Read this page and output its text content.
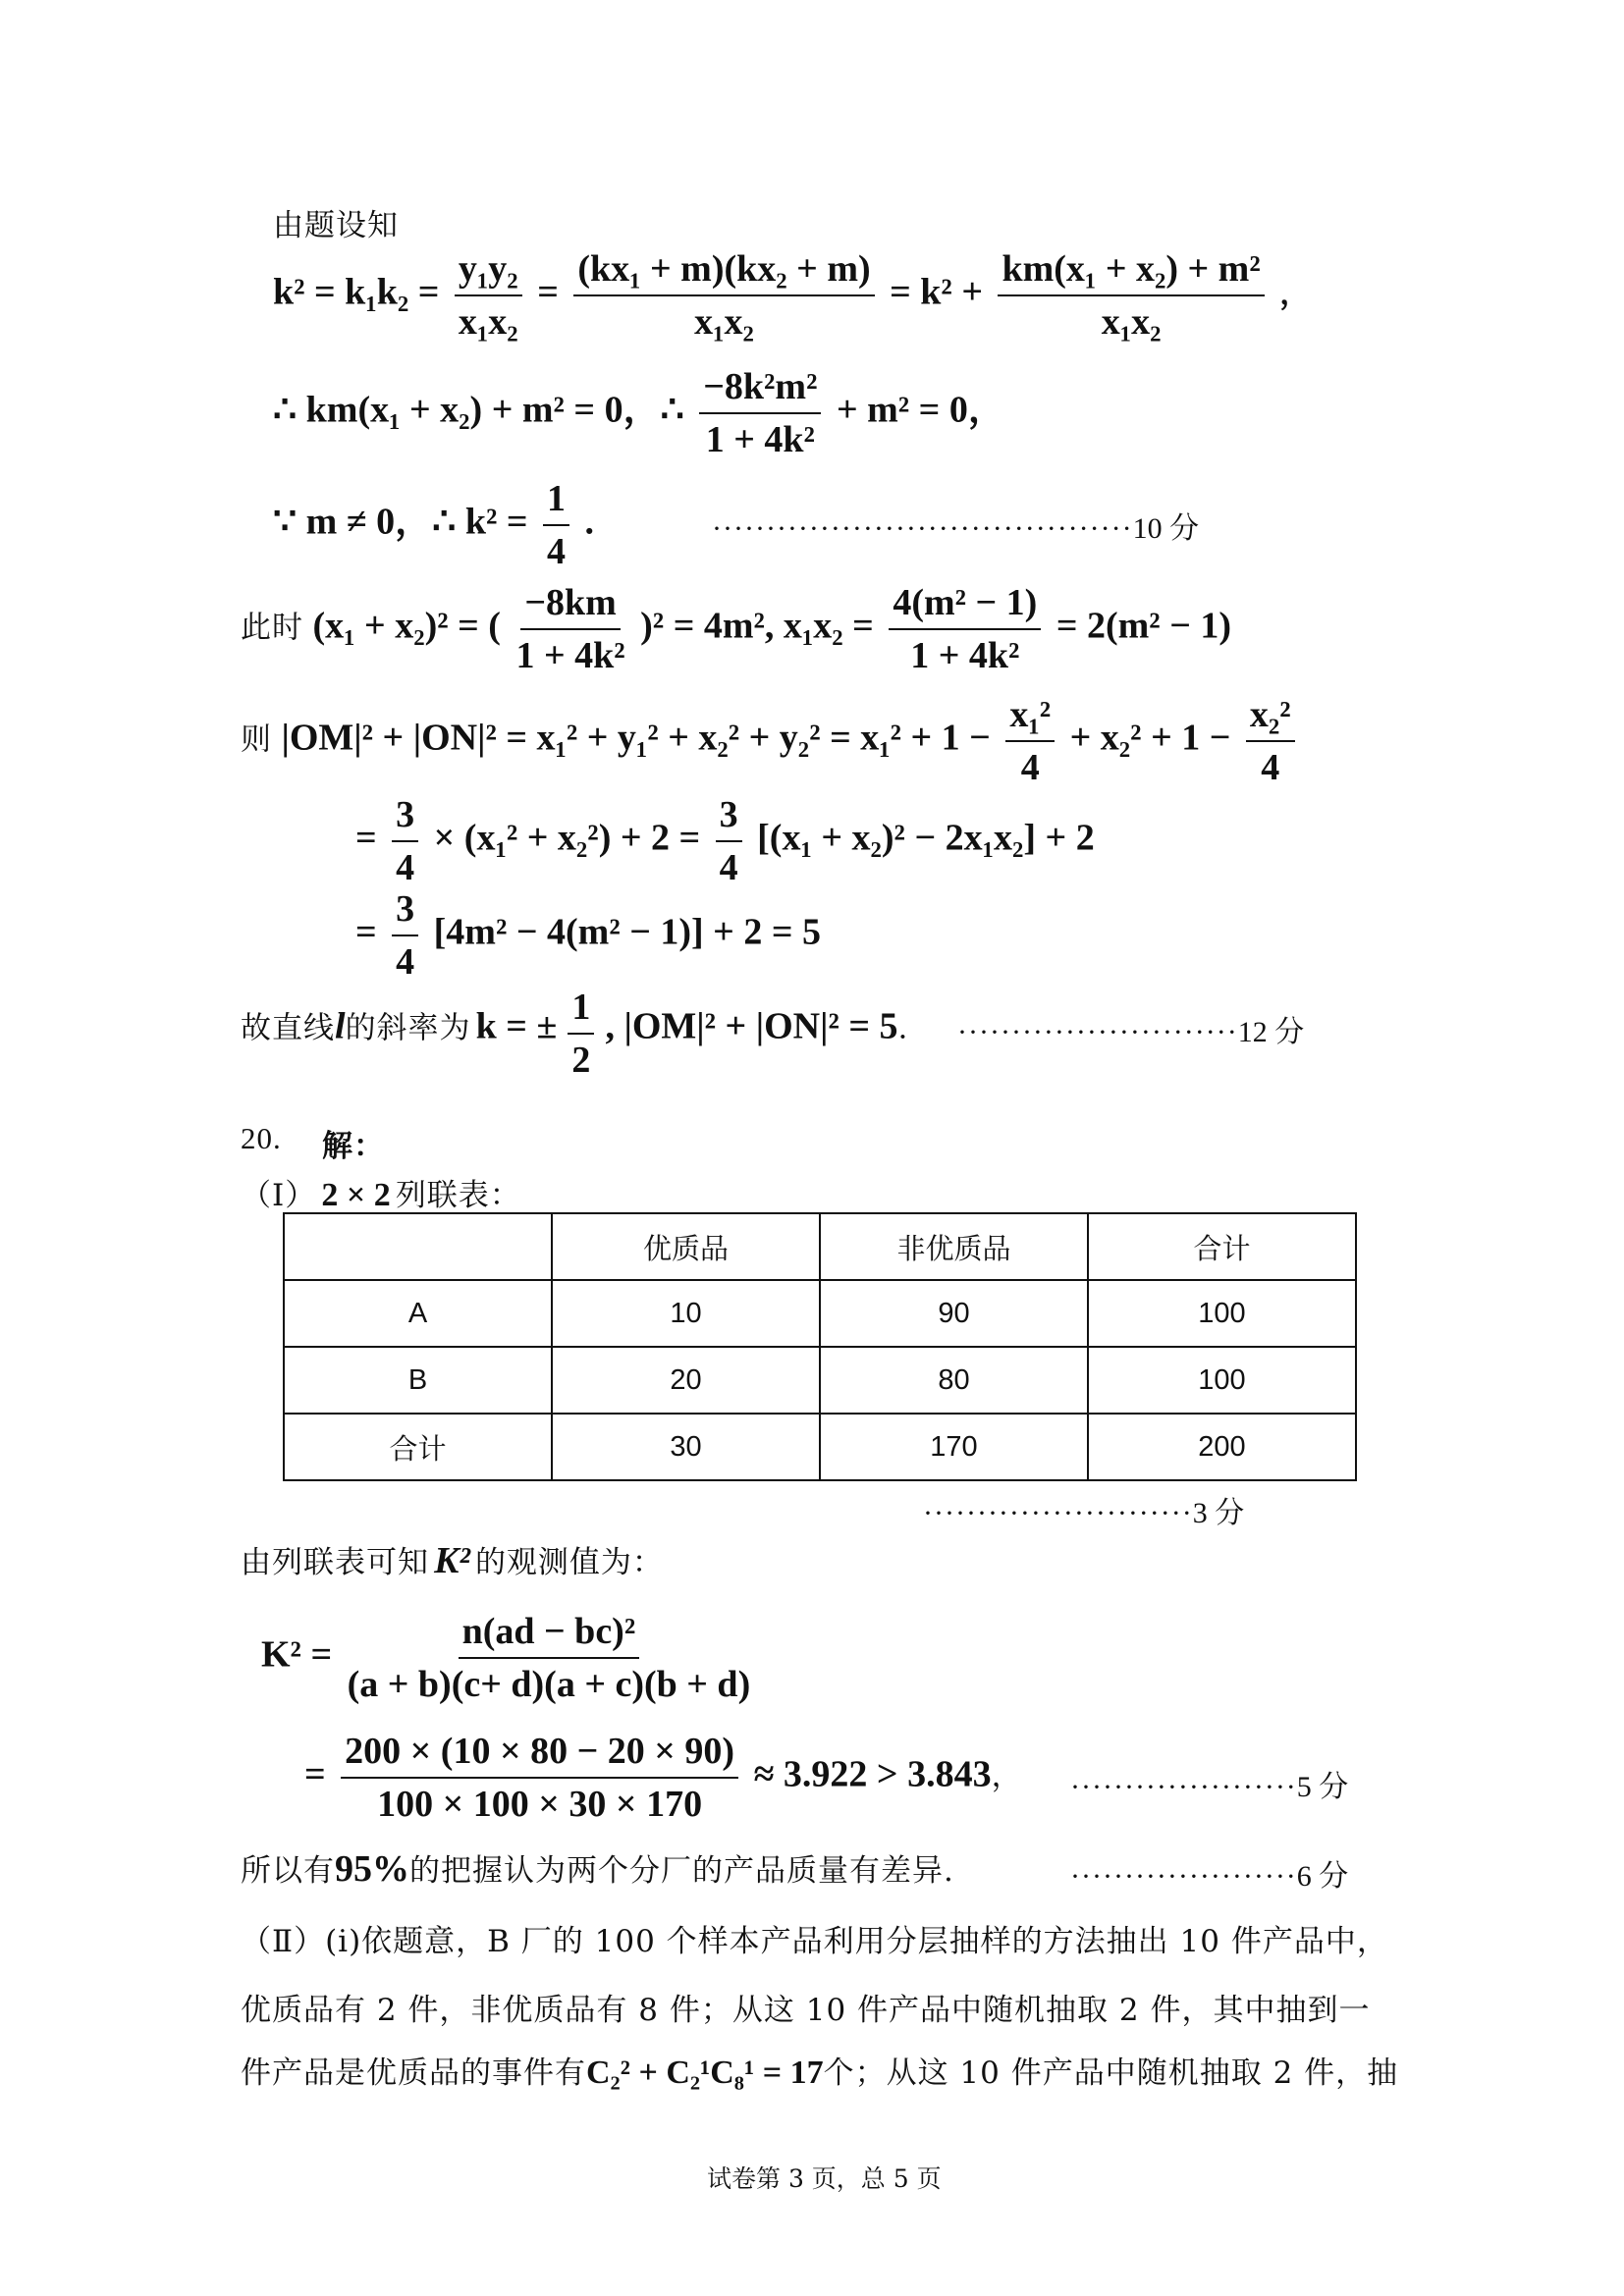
由题设知
$k^2 = k_1k_2 = \frac{\text{y₁y₂}}{\text{x₁x₂}} = \frac{\text{(kx₁ + m)(kx₂ + m)}}{\text{x₁x₂}} = k^2 + \frac{\text{km(x₁ + x₂) + m²}}{\text{x₁x₂}}$ ，
∴ km(x₁ + x₂) + m² = 0，∴ $\frac{\text{−8k²m²}}{\text{1 + 4k²}} + m^2 = 0$，
∵ m ≠ 0，∴ $k^2 = \frac{1}{4}$ .	·······································10 分
此时 (x₁ + x₂)² = ( $\frac{-8km}{\text{1 + 4k²}} )^2 = 4m^2$, $x_1x_2 = \frac{\text{4(m² − 1)}}{\text{1 + 4k²}} = 2(m^2 - 1)$
则 $|OM|^2 + |ON|^2 = x_1^2 + y_1^2 + x_2^2 + y_2^2 = x_1^2 + 1 - \frac{\text{x₁²}}{4} + x_2^2 + 1 - \frac{\text{x₂²}}{4}$
= $\frac{3}{4} \times (x_1^2 + x_2^2) + 2 = \frac{3}{4} [(x_1 + x_2)^2 - 2x_1x_2] + 2$
= $\frac{3}{4} [4m^2 - 4(m^2 - 1)] + 2 = 5$
故直线l的斜率为 k = ± $\frac{1}{2}$ , |OM|² + |ON|² = 5. ··························12 分
20. 解：
（Ⅰ） 2 × 2 列联表：
	优质品	非优质品	合计
A	10	90	100
B	20	80	100
合计	30	170	200
·························3 分
由列联表可知 K² 的观测值为：
$K^2 = \frac{\text{n(ad − bc)²}}{(a + b)(c+ d)(a + c)(b + d)}$
= $\frac{200 \times (10 \times 80 - 20 \times 90)}{100 \times 100 \times 30 \times 170} \approx 3.922 > 3.843$， ·····················5 分
所以有95%的把握认为两个分厂的产品质量有差异.	·····················6 分
（Ⅱ）(i)依题意，B 厂的 100 个样本产品利用分层抽样的方法抽出 10 件产品中，
优质品有 2 件，非优质品有 8 件；从这 10 件产品中随机抽取 2 件，其中抽到一
件产品是优质品的事件有C₂² + C₂¹C₈¹ = 17个；从这 10 件产品中随机抽取 2 件，抽
试卷第 3 页，总 5 页
